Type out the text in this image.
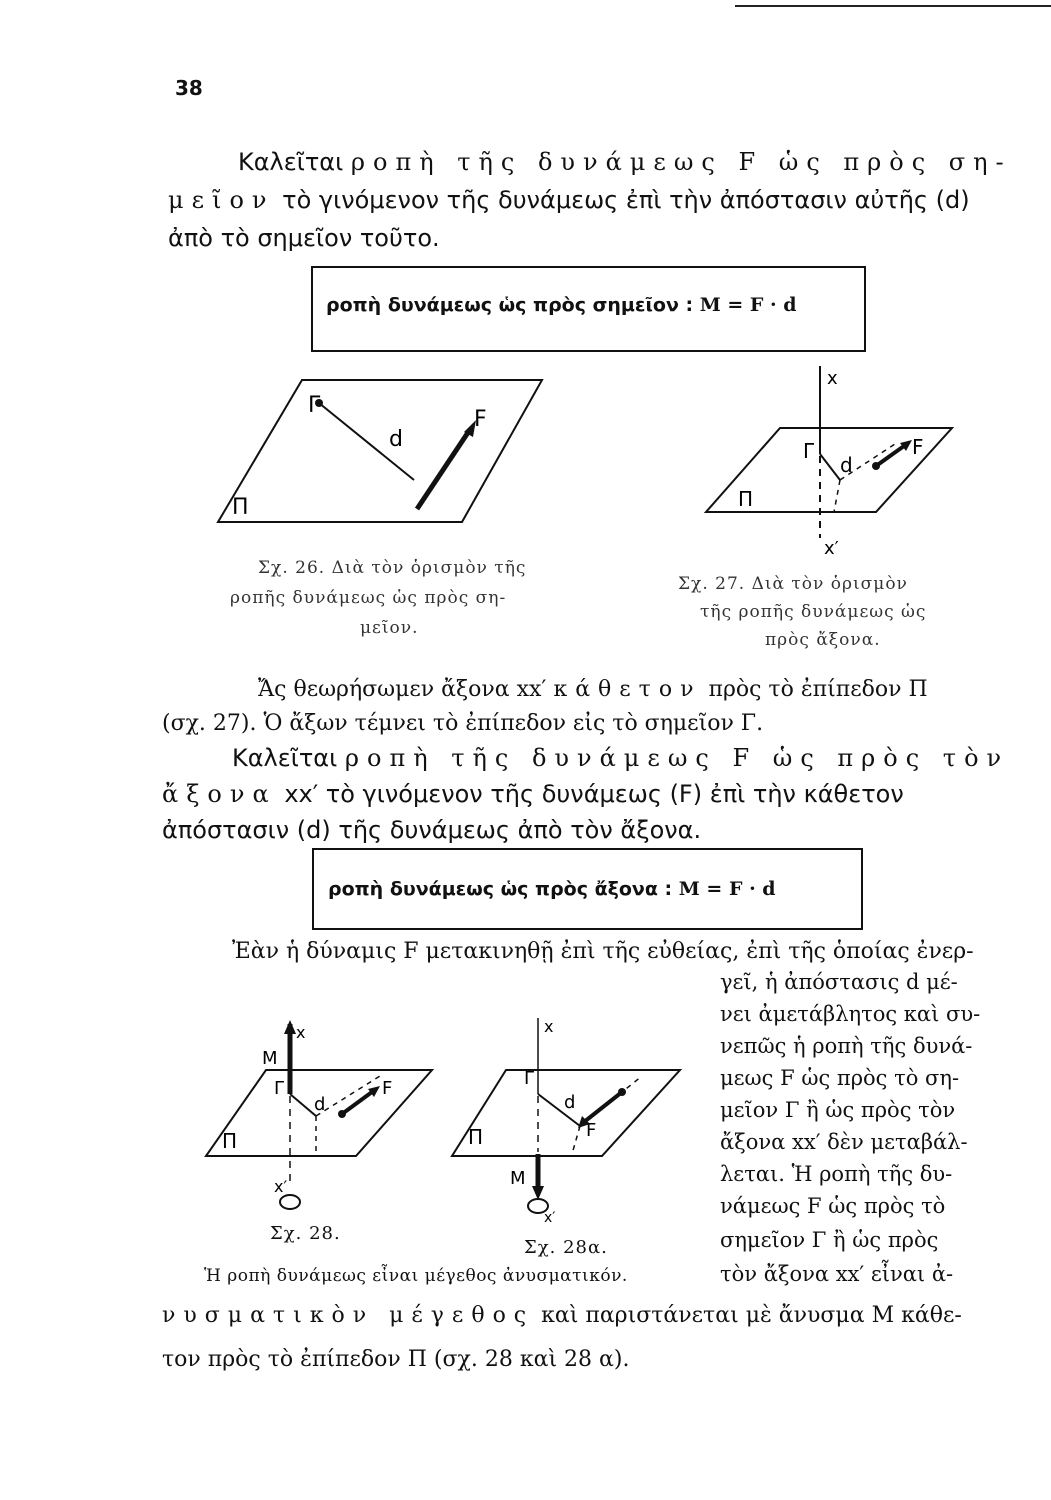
38
Καλεῖται ροπὴ τῆς δυνάμεως F ὡς πρὸς ση-
μεῖον τὸ γινόμενον τῆς δυνάμεως ἐπὶ τὴν ἀπόστασιν αὐτῆς (d)
ἀπὸ τὸ σημεῖον τοῦτο.
ροπὴ δυνάμεως ὡς πρὸς σημεῖον : M = F · d
Γ
d
F
Π
Σχ. 26. Διὰ τὸν ὁρισμὸν τῆς
ροπῆς δυνάμεως ὡς πρὸς ση-
μεῖον.
x
Γ
d
F
Π
x′
Σχ. 27. Διὰ τὸν ὁρισμὸν
τῆς ροπῆς δυνάμεως ὡς
πρὸς ἄξονα.
Ἄς θεωρήσωμεν ἄξονα xx′ κάθετον πρὸς τὸ ἐπίπεδον Π
(σχ. 27). Ὁ ἄξων τέμνει τὸ ἐπίπεδον εἰς τὸ σημεῖον Γ.
Καλεῖται ροπὴ τῆς δυνάμεως F ὡς πρὸς τὸν
ἄξονα xx′ τὸ γινόμενον τῆς δυνάμεως (F) ἐπὶ τὴν κάθετον
ἀπόστασιν (d) τῆς δυνάμεως ἀπὸ τὸν ἄξονα.
ροπὴ δυνάμεως ὡς πρὸς ἄξονα : M = F · d
Ἐὰν ἡ δύναμις F μετακινηθῇ ἐπὶ τῆς εὐθείας, ἐπὶ τῆς ὁποίας ἐνερ-
γεῖ, ἡ ἀπόστασις d μέ-
νει ἀμετάβλητος καὶ συ-
νεπῶς ἡ ροπὴ τῆς δυνά-
μεως F ὡς πρὸς τὸ ση-
μεῖον Γ ἢ ὡς πρὸς τὸν
ἄξονα xx′ δὲν μεταβάλ-
λεται. Ἡ ροπὴ τῆς δυ-
νάμεως F ὡς πρὸς τὸ
σημεῖον Γ ἢ ὡς πρὸς
τὸν ἄξονα xx′ εἶναι ἀ-
x
M
Γ
d
F
Π
x′
Σχ. 28.
x
Γ
d
F
Π
M
x′
Σχ. 28α.
Ἡ ροπὴ δυνάμεως εἶναι μέγεθος ἀνυσματικόν.
νυσματικὸν μέγεθος καὶ παριστάνεται μὲ ἄνυσμα M κάθε-
τον πρὸς τὸ ἐπίπεδον Π (σχ. 28 καὶ 28 α).
